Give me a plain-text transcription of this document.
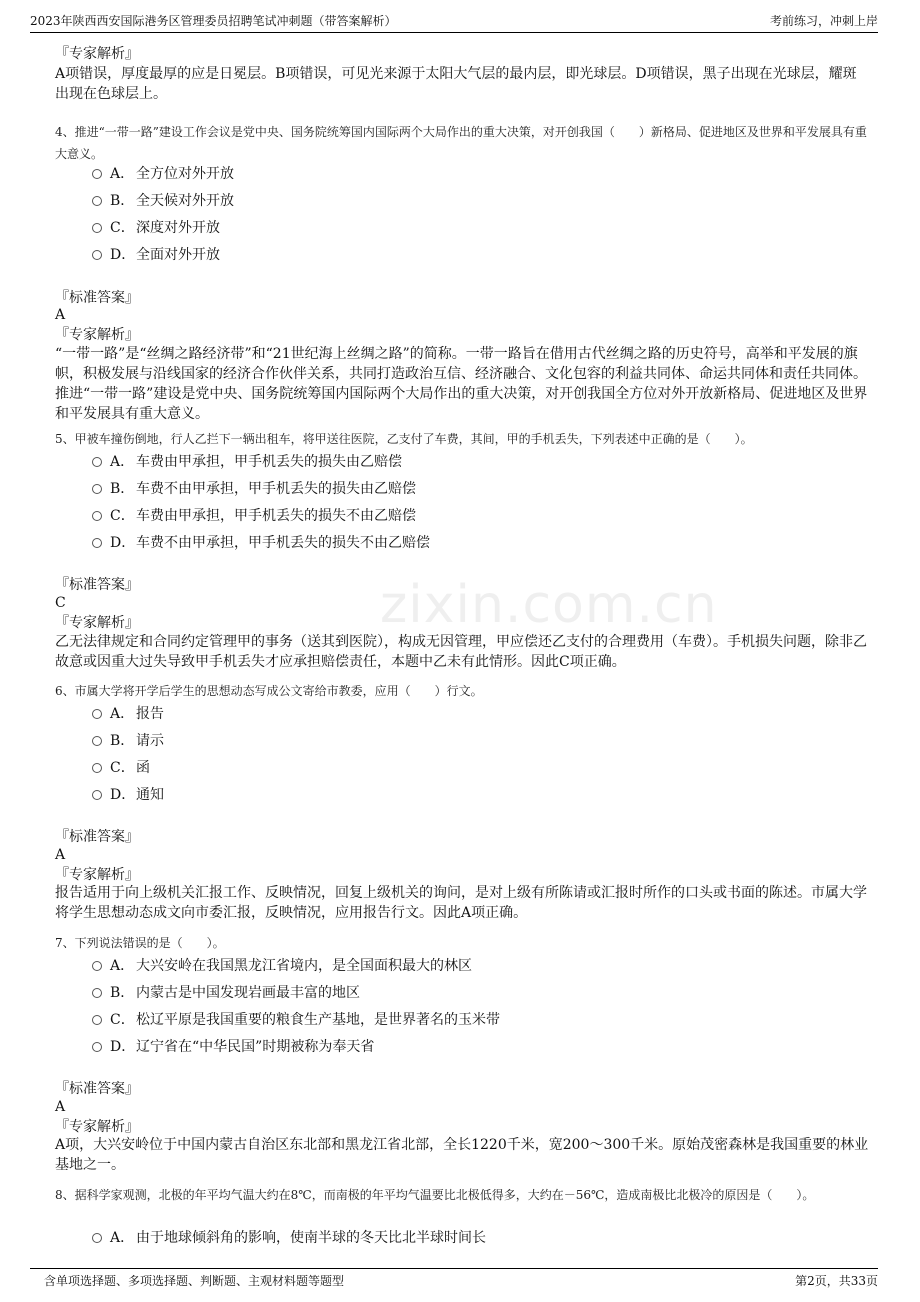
2023年陕西西安国际港务区管理委员招聘笔试冲刺题（带答案解析）	考前练习，冲刺上岸
zixin.com.cn
『专家解析』
A项错误，厚度最厚的应是日冕层。B项错误，可见光来源于太阳大气层的最内层，即光球层。D项错误，黑子出现在光球层，耀斑出现在色球层上。
4、推进“一带一路”建设工作会议是党中央、国务院统筹国内国际两个大局作出的重大决策，对开创我国（　　）新格局、促进地区及世界和平发展具有重大意义。
A． 全方位对外开放
B． 全天候对外开放
C．深度对外开放
D．全面对外开放
『标准答案』
A
『专家解析』
“一带一路”是“丝绸之路经济带”和“21世纪海上丝绸之路”的简称。一带一路旨在借用古代丝绸之路的历史符号，高举和平发展的旗帜，积极发展与沿线国家的经济合作伙伴关系，共同打造政治互信、经济融合、文化包容的利益共同体、命运共同体和责任共同体。推进“一带一路”建设是党中央、国务院统筹国内国际两个大局作出的重大决策，对开创我国全方位对外开放新格局、促进地区及世界和平发展具有重大意义。
5、甲被车撞伤倒地，行人乙拦下一辆出租车，将甲送往医院，乙支付了车费，其间，甲的手机丢失，下列表述中正确的是（　　）。
A． 车费由甲承担，甲手机丢失的损失由乙赔偿
B． 车费不由甲承担，甲手机丢失的损失由乙赔偿
C．车费由甲承担，甲手机丢失的损失不由乙赔偿
D．车费不由甲承担，甲手机丢失的损失不由乙赔偿
『标准答案』
C
『专家解析』
乙无法律规定和合同约定管理甲的事务（送其到医院），构成无因管理，甲应偿还乙支付的合理费用（车费）。手机损失问题，除非乙故意或因重大过失导致甲手机丢失才应承担赔偿责任，本题中乙未有此情形。因此C项正确。
6、市属大学将开学后学生的思想动态写成公文寄给市教委，应用（　　）行文。
A． 报告
B． 请示
C．函
D．通知
『标准答案』
A
『专家解析』
报告适用于向上级机关汇报工作、反映情况，回复上级机关的询问，是对上级有所陈请或汇报时所作的口头或书面的陈述。市属大学将学生思想动态成文向市委汇报，反映情况，应用报告行文。因此A项正确。
7、下列说法错误的是（　　）。
A． 大兴安岭在我国黑龙江省境内，是全国面积最大的林区
B． 内蒙古是中国发现岩画最丰富的地区
C．松辽平原是我国重要的粮食生产基地，是世界著名的玉米带
D．辽宁省在“中华民国”时期被称为奉天省
『标准答案』
A
『专家解析』
A项，大兴安岭位于中国内蒙古自治区东北部和黑龙江省北部，全长1220千米，宽200～300千米。原始茂密森林是我国重要的林业基地之一。
8、据科学家观测，北极的年平均气温大约在8℃，而南极的年平均气温要比北极低得多，大约在－56℃，造成南极比北极冷的原因是（　　）。
A． 由于地球倾斜角的影响，使南半球的冬天比北半球时间长
含单项选择题、多项选择题、判断题、主观材料题等题型	第2页，共33页
